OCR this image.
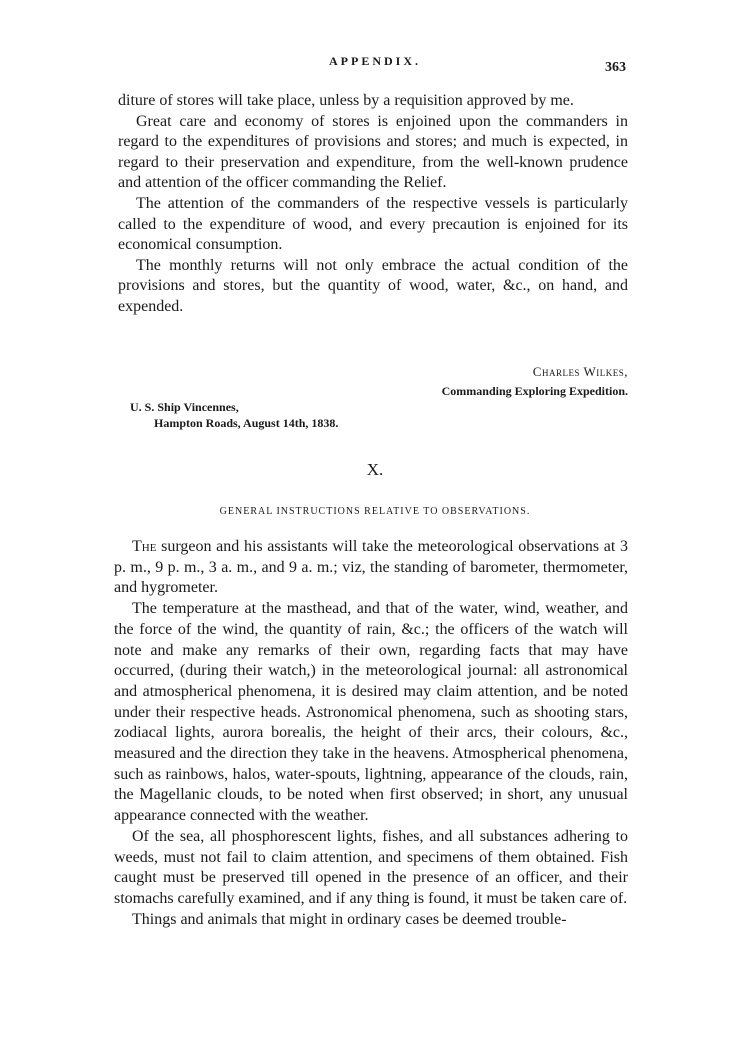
APPENDIX.	363

diture of stores will take place, unless by a requisition approved by me.

Great care and economy of stores is enjoined upon the commanders in regard to the expenditures of provisions and stores; and much is expected, in regard to their preservation and expenditure, from the well-known prudence and attention of the officer commanding the Relief.

The attention of the commanders of the respective vessels is particularly called to the expenditure of wood, and every precaution is enjoined for its economical consumption.

The monthly returns will not only embrace the actual condition of the provisions and stores, but the quantity of wood, water, &c., on hand, and expended.

Charles Wilkes,
Commanding Exploring Expedition.
U. S. Ship Vincennes,
Hampton Roads, August 14th, 1838.
X.
GENERAL INSTRUCTIONS RELATIVE TO OBSERVATIONS.

The surgeon and his assistants will take the meteorological observations at 3 p. m., 9 p. m., 3 a. m., and 9 a. m.; viz, the standing of barometer, thermometer, and hygrometer.

The temperature at the masthead, and that of the water, wind, weather, and the force of the wind, the quantity of rain, &c.; the officers of the watch will note and make any remarks of their own, regarding facts that may have occurred, (during their watch,) in the meteorological journal: all astronomical and atmospherical phenomena, it is desired may claim attention, and be noted under their respective heads. Astronomical phenomena, such as shooting stars, zodiacal lights, aurora borealis, the height of their arcs, their colours, &c., measured and the direction they take in the heavens. Atmospherical phenomena, such as rainbows, halos, water-spouts, lightning, appearance of the clouds, rain, the Magellanic clouds, to be noted when first observed; in short, any unusual appearance connected with the weather.

Of the sea, all phosphorescent lights, fishes, and all substances adhering to weeds, must not fail to claim attention, and specimens of them obtained. Fish caught must be preserved till opened in the presence of an officer, and their stomachs carefully examined, and if any thing is found, it must be taken care of.

Things and animals that might in ordinary cases be deemed trouble-
